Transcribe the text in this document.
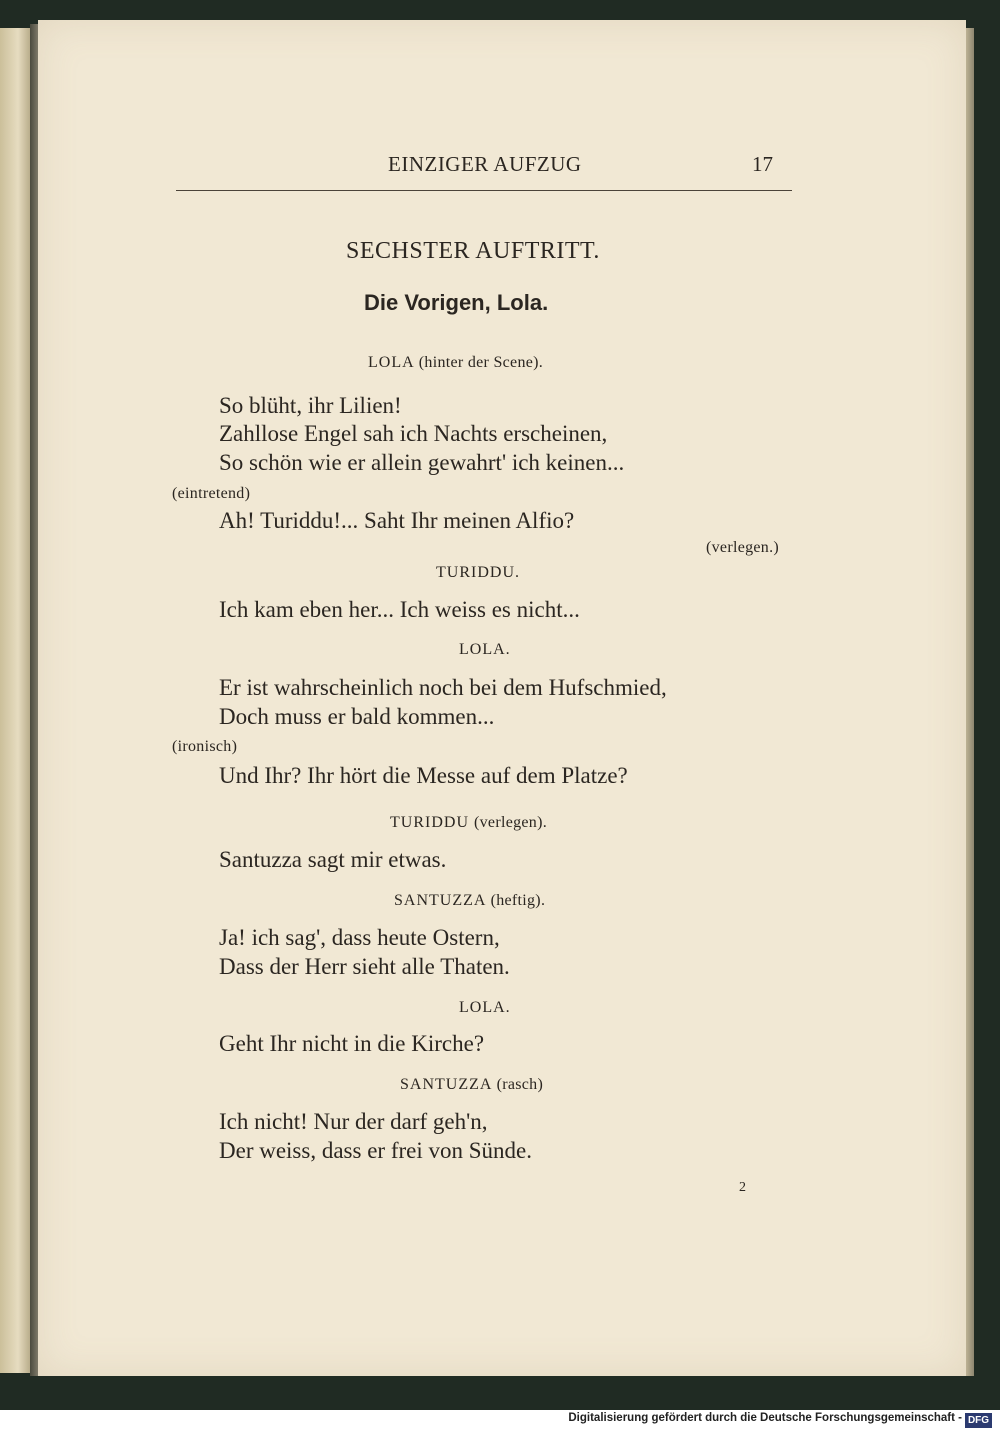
EINZIGER AUFZUG	17
SECHSTER AUFTRITT.
Die Vorigen, Lola.
LOLA (hinter der Scene).
So blüht, ihr Lilien!
Zahllose Engel sah ich Nachts erscheinen,
So schön wie er allein gewahrt' ich keinen...
(eintretend)
Ah! Turiddu!... Saht Ihr meinen Alfio?
(verlegen.)
TURIDDU.
Ich kam eben her... Ich weiss es nicht...
LOLA.
Er ist wahrscheinlich noch bei dem Hufschmied,
Doch muss er bald kommen...
(ironisch)
Und Ihr? Ihr hört die Messe auf dem Platze?
TURIDDU (verlegen).
Santuzza sagt mir etwas.
SANTUZZA (heftig).
Ja! ich sag', dass heute Ostern,
Dass der Herr sieht alle Thaten.
LOLA.
Geht Ihr nicht in die Kirche?
SANTUZZA (rasch)
Ich nicht! Nur der darf geh'n,
Der weiss, dass er frei von Sünde.
2
Digitalisierung gefördert durch die Deutsche Forschungsgemeinschaft - DFG
